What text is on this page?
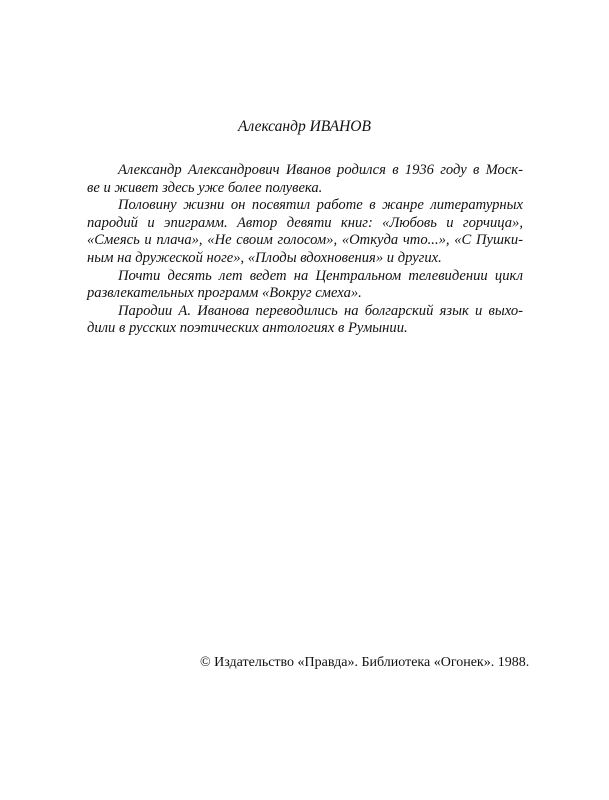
Александр ИВАНОВ
Александр Александрович Иванов родился в 1936 году в Моск-
ве и живет здесь уже более полувека.
Половину жизни он посвятил работе в жанре литературных
пародий и эпиграмм. Автор девяти книг: «Любовь и горчица»,
«Смеясь и плача», «Не своим голосом», «Откуда что...», «С Пушки-
ным на дружеской ноге», «Плоды вдохновения» и других.
Почти десять лет ведет на Центральном телевидении цикл
развлекательных программ «Вокруг смеха».
Пародии А. Иванова переводились на болгарский язык и выхо-
дили в русских поэтических антологиях в Румынии.
© Издательство «Правда». Библиотека «Огонек». 1988.
